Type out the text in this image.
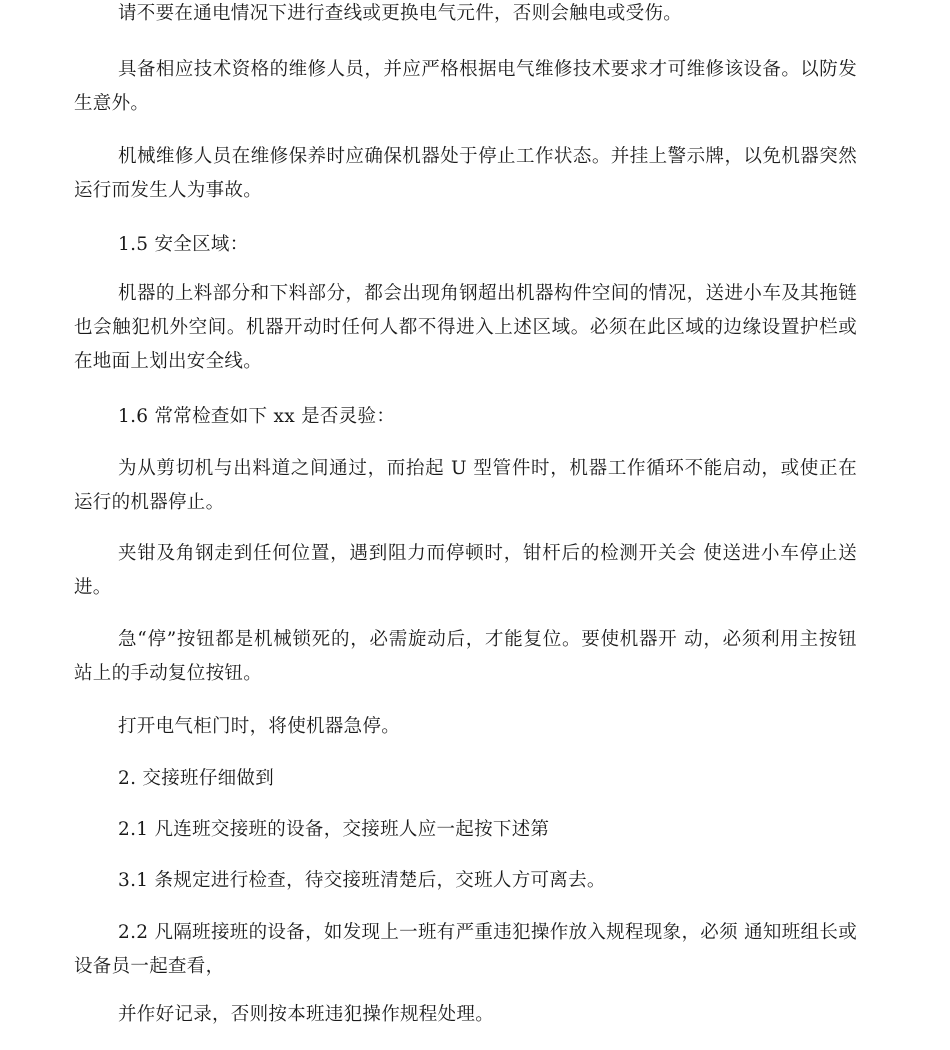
请不要在通电情况下进行查线或更换电气元件，否则会触电或受伤。

具备相应技术资格的维修人员，并应严格根据电气维修技术要求才可维修该设备。以防发生意外。

机械维修人员在维修保养时应确保机器处于停止工作状态。并挂上警示牌，以免机器突然运行而发生人为事故。

1.5 安全区域：

机器的上料部分和下料部分，都会出现角钢超出机器构件空间的情况，送进小车及其拖链也会触犯机外空间。机器开动时任何人都不得进入上述区域。必须在此区域的边缘设置护栏或在地面上划出安全线。

1.6 常常检查如下 xx 是否灵验：

为从剪切机与出料道之间通过，而抬起 U 型管件时，机器工作循环不能启动，或使正在运行的机器停止。

夹钳及角钢走到任何位置，遇到阻力而停顿时，钳杆后的检测开关会 使送进小车停止送进。

急“停”按钮都是机械锁死的，必需旋动后，才能复位。要使机器开 动，必须利用主按钮站上的手动复位按钮。

打开电气柜门时，将使机器急停。

2. 交接班仔细做到

2.1 凡连班交接班的设备，交接班人应一起按下述第

3.1 条规定进行检查，待交接班清楚后，交班人方可离去。

2.2 凡隔班接班的设备，如发现上一班有严重违犯操作放入规程现象，必须 通知班组长或设备员一起查看，

并作好记录，否则按本班违犯操作规程处理。
